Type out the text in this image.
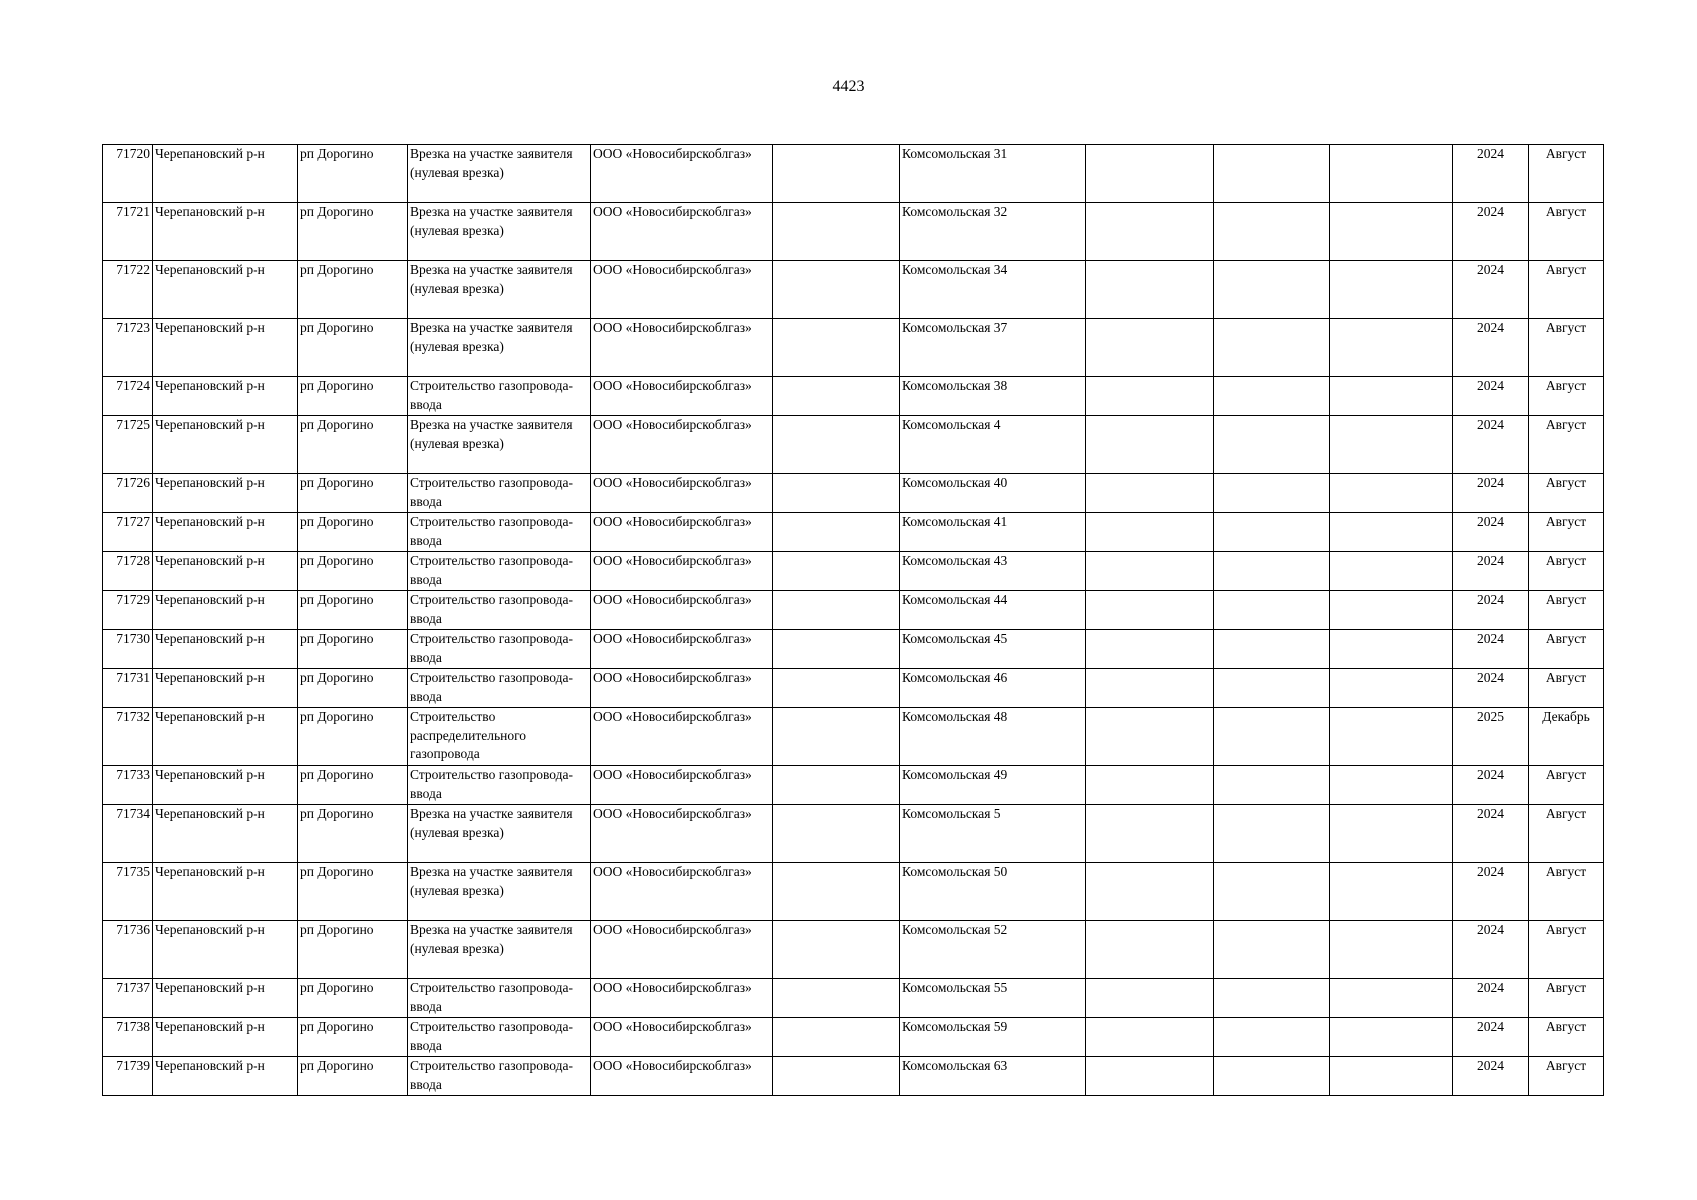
4423
71720	Черепановский р-н	рп Дорогино	Врезка на участке заявителя (нулевая врезка)	ООО «Новосибирскоблгаз»		Комсомольская 31				2024	Август
71721	Черепановский р-н	рп Дорогино	Врезка на участке заявителя (нулевая врезка)	ООО «Новосибирскоблгаз»		Комсомольская 32				2024	Август
71722	Черепановский р-н	рп Дорогино	Врезка на участке заявителя (нулевая врезка)	ООО «Новосибирскоблгаз»		Комсомольская 34				2024	Август
71723	Черепановский р-н	рп Дорогино	Врезка на участке заявителя (нулевая врезка)	ООО «Новосибирскоблгаз»		Комсомольская 37				2024	Август
71724	Черепановский р-н	рп Дорогино	Строительство газопровода-ввода	ООО «Новосибирскоблгаз»		Комсомольская 38				2024	Август
71725	Черепановский р-н	рп Дорогино	Врезка на участке заявителя (нулевая врезка)	ООО «Новосибирскоблгаз»		Комсомольская 4				2024	Август
71726	Черепановский р-н	рп Дорогино	Строительство газопровода-ввода	ООО «Новосибирскоблгаз»		Комсомольская 40				2024	Август
71727	Черепановский р-н	рп Дорогино	Строительство газопровода-ввода	ООО «Новосибирскоблгаз»		Комсомольская 41				2024	Август
71728	Черепановский р-н	рп Дорогино	Строительство газопровода-ввода	ООО «Новосибирскоблгаз»		Комсомольская 43				2024	Август
71729	Черепановский р-н	рп Дорогино	Строительство газопровода-ввода	ООО «Новосибирскоблгаз»		Комсомольская 44				2024	Август
71730	Черепановский р-н	рп Дорогино	Строительство газопровода-ввода	ООО «Новосибирскоблгаз»		Комсомольская 45				2024	Август
71731	Черепановский р-н	рп Дорогино	Строительство газопровода-ввода	ООО «Новосибирскоблгаз»		Комсомольская 46				2024	Август
71732	Черепановский р-н	рп Дорогино	Строительство распределительного газопровода	ООО «Новосибирскоблгаз»		Комсомольская 48				2025	Декабрь
71733	Черепановский р-н	рп Дорогино	Строительство газопровода-ввода	ООО «Новосибирскоблгаз»		Комсомольская 49				2024	Август
71734	Черепановский р-н	рп Дорогино	Врезка на участке заявителя (нулевая врезка)	ООО «Новосибирскоблгаз»		Комсомольская 5				2024	Август
71735	Черепановский р-н	рп Дорогино	Врезка на участке заявителя (нулевая врезка)	ООО «Новосибирскоблгаз»		Комсомольская 50				2024	Август
71736	Черепановский р-н	рп Дорогино	Врезка на участке заявителя (нулевая врезка)	ООО «Новосибирскоблгаз»		Комсомольская 52				2024	Август
71737	Черепановский р-н	рп Дорогино	Строительство газопровода-ввода	ООО «Новосибирскоблгаз»		Комсомольская 55				2024	Август
71738	Черепановский р-н	рп Дорогино	Строительство газопровода-ввода	ООО «Новосибирскоблгаз»		Комсомольская 59				2024	Август
71739	Черепановский р-н	рп Дорогино	Строительство газопровода-ввода	ООО «Новосибирскоблгаз»		Комсомольская 63				2024	Август
